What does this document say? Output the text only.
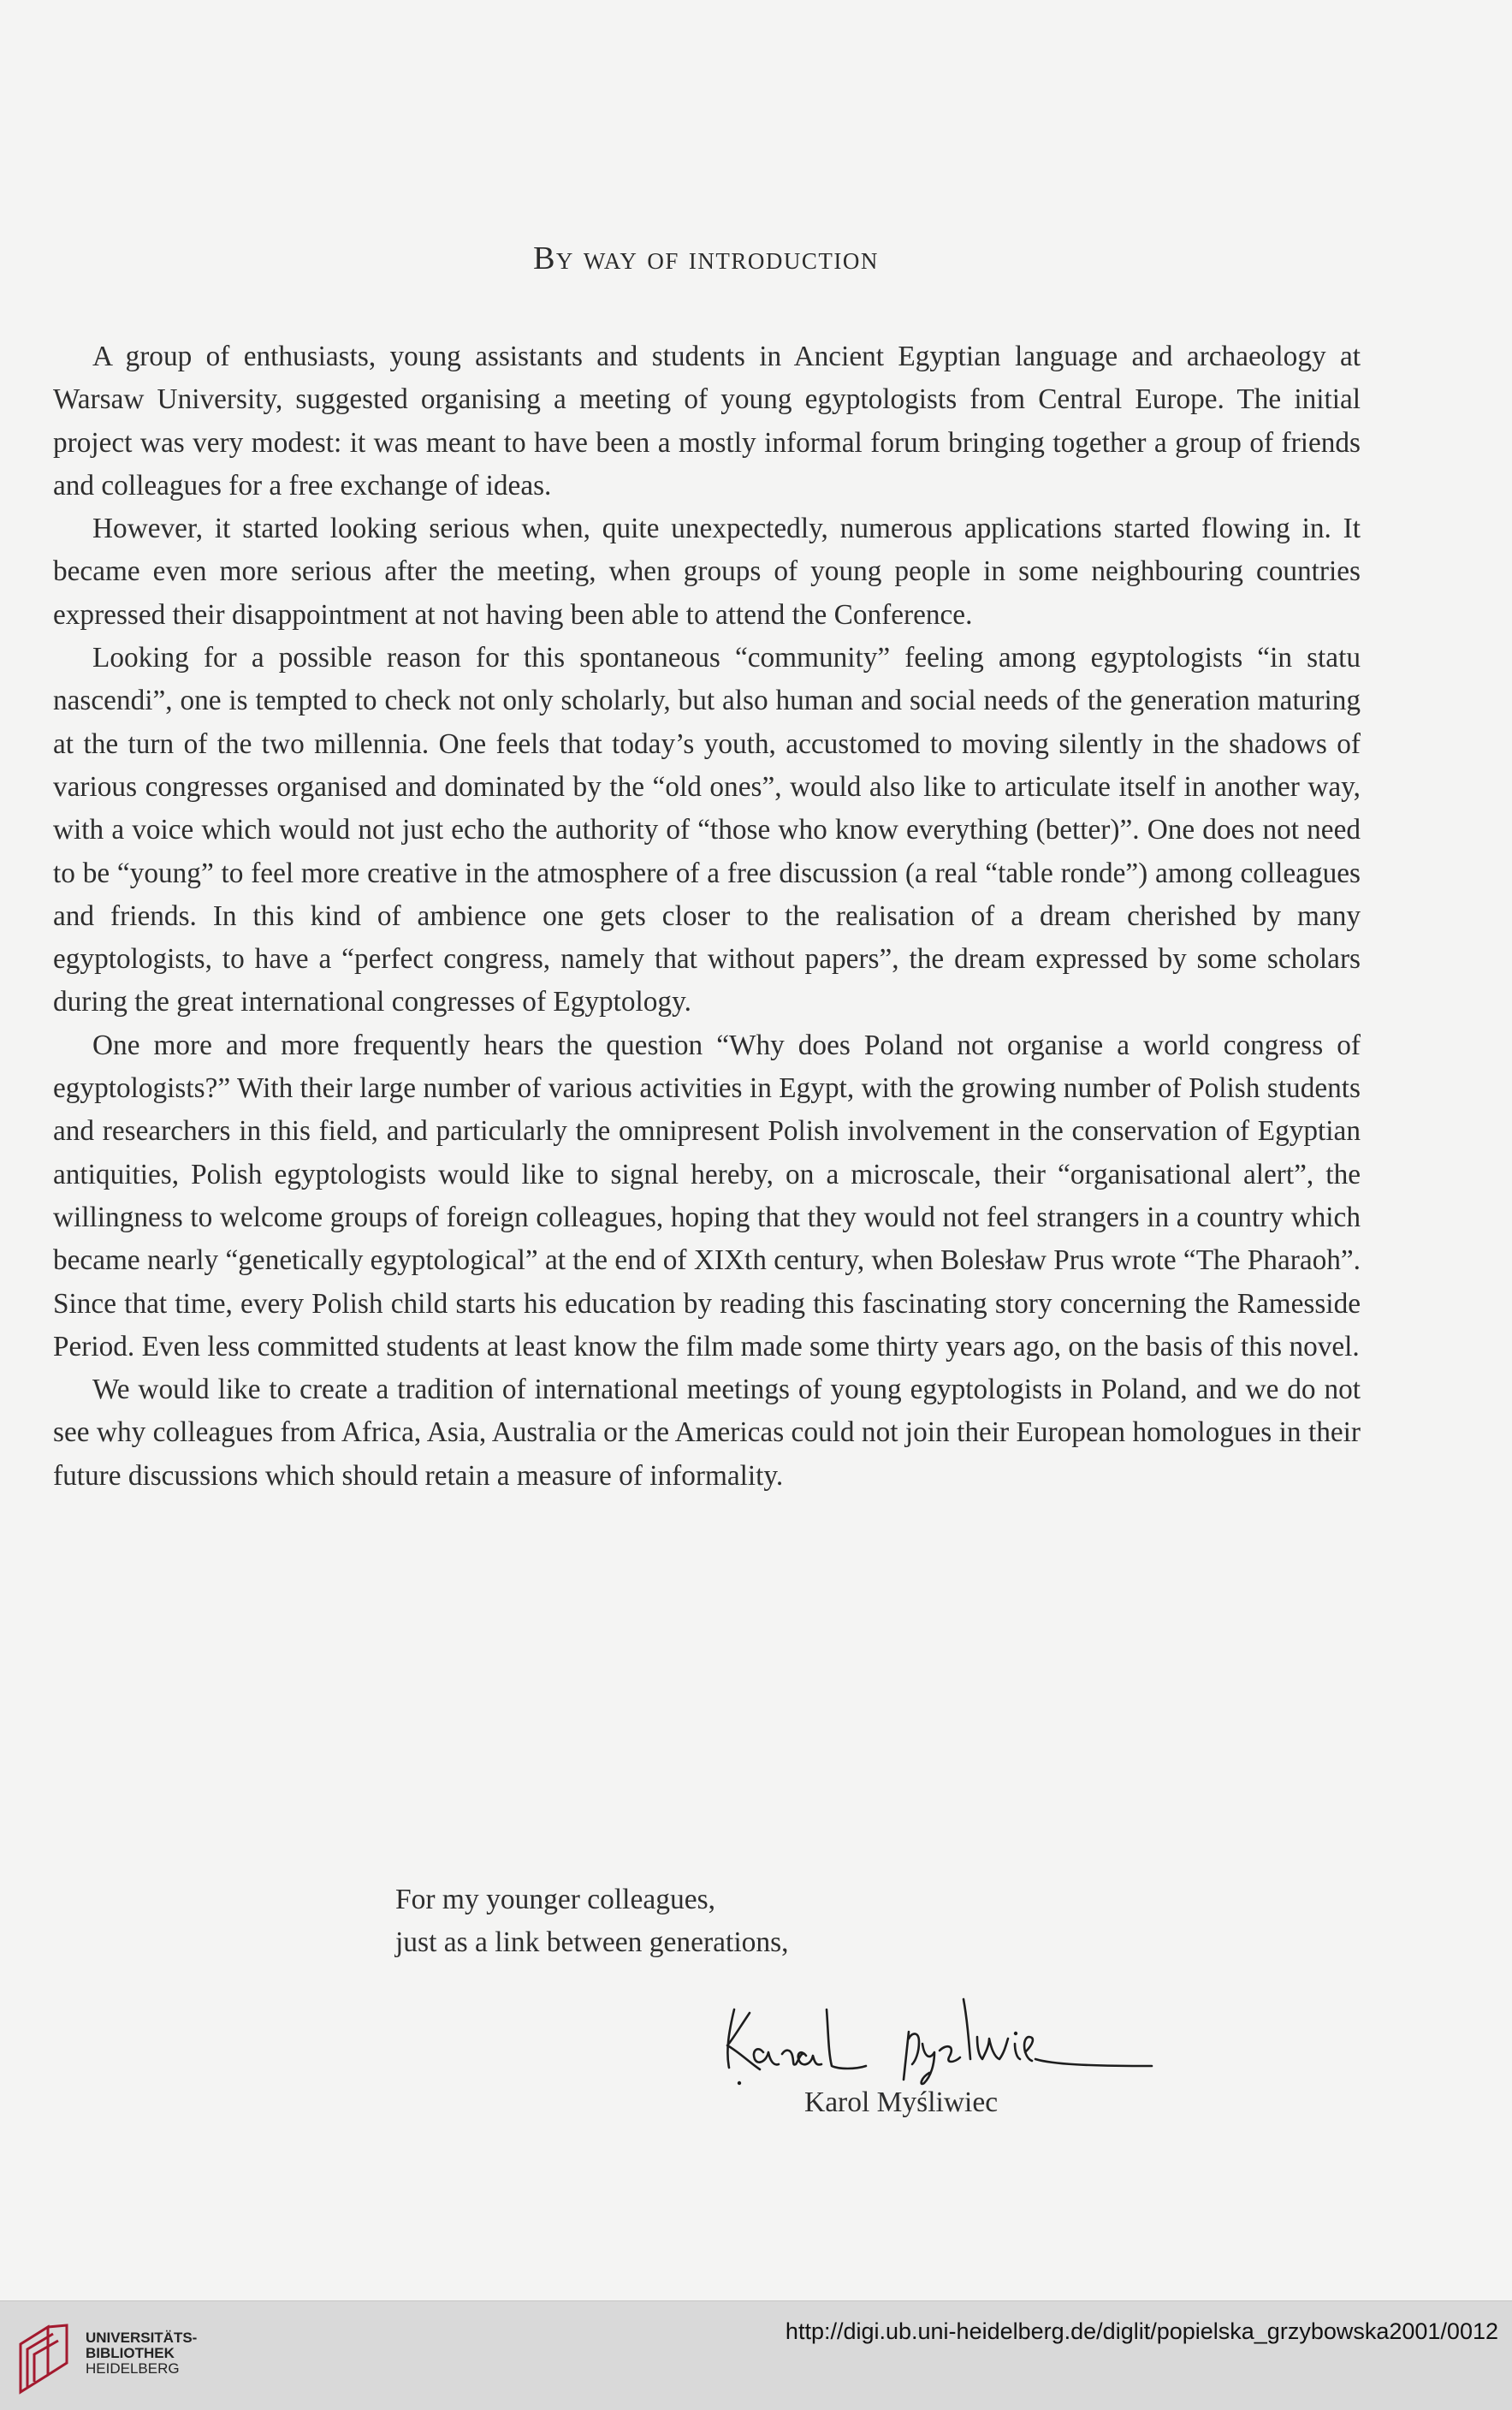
By way of introduction

A group of enthusiasts, young assistants and students in Ancient Egyptian language and archaeology at Warsaw University, suggested organising a meeting of young egyptologists from Central Europe. The initial project was very modest: it was meant to have been a mostly informal forum bringing together a group of friends and colleagues for a free exchange of ideas.

However, it started looking serious when, quite unexpectedly, numerous applications started flowing in. It became even more serious after the meeting, when groups of young people in some neighbouring countries expressed their disappointment at not having been able to attend the Conference.

Looking for a possible reason for this spontaneous “community” feeling among egyptologists “in statu nascendi”, one is tempted to check not only scholarly, but also human and social needs of the generation maturing at the turn of the two millennia. One feels that today’s youth, accustomed to moving silently in the shadows of various congresses organised and dominated by the “old ones”, would also like to articulate itself in another way, with a voice which would not just echo the authority of “those who know everything (better)”. One does not need to be “young” to feel more creative in the atmosphere of a free discussion (a real “table ronde”) among colleagues and friends. In this kind of ambience one gets closer to the realisation of a dream cherished by many egyptologists, to have a “perfect congress, namely that without papers”, the dream expressed by some scholars during the great international congresses of Egyptology.

One more and more frequently hears the question “Why does Poland not organise a world congress of egyptologists?” With their large number of various activities in Egypt, with the growing number of Polish students and researchers in this field, and particularly the omnipresent Polish involvement in the conservation of Egyptian antiquities, Polish egyptologists would like to signal hereby, on a microscale, their “organisational alert”, the willingness to welcome groups of foreign colleagues, hoping that they would not feel strangers in a country which became nearly “genetically egyptological” at the end of XIXth century, when Bolesław Prus wrote “The Pharaoh”. Since that time, every Polish child starts his education by reading this fascinating story concerning the Ramesside Period. Even less committed students at least know the film made some thirty years ago, on the basis of this novel.

We would like to create a tradition of international meetings of young egyptologists in Poland, and we do not see why colleagues from Africa, Asia, Australia or the Americas could not join their European homologues in their future discussions which should retain a measure of informality.

For my younger colleagues,
just as a link between generations,
Karol Myśliwiec
UNIVERSITÄTS-
BIBLIOTHEK
HEIDELBERG
http://digi.ub.uni-heidelberg.de/diglit/popielska_grzybowska2001/0012
